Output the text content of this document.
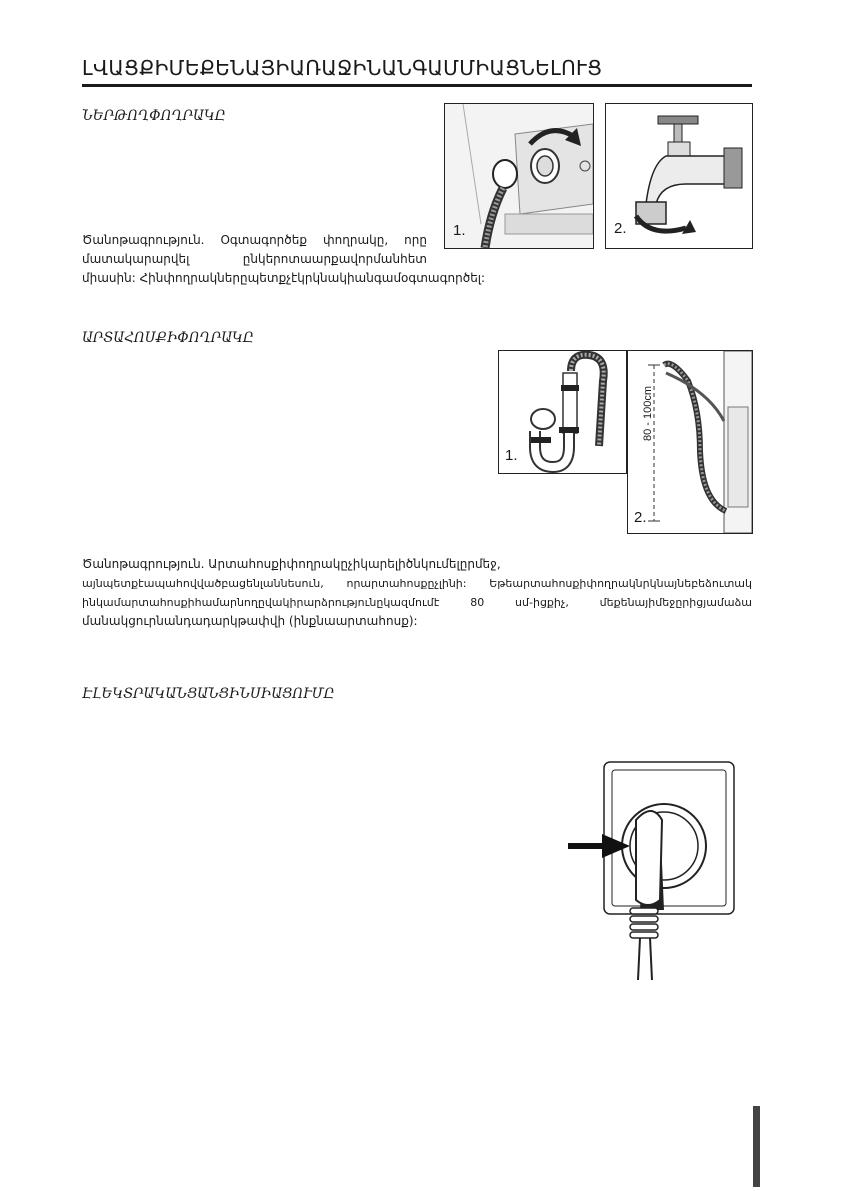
ԼՎԱՑՔԻՄԵՔԵՆԱՅԻԱՌԱՋԻՆԱՆԳԱՄՄԻԱՑՆԵԼՈՒՑ
ՆԵՐԹՈՂՓՈՂՐԱԿԸ
1.	2.

Ծանոթագրություն. Օգտագործեք փողրակը, որը
մատակարարվել ընկերոտաարքավորմանհետ
միասին: Հինփողրակներըպետքչէկրկնակիանգամօգտագործել:

ԱՐՏԱՀՈՍՔԻՓՈՂՐԱԿԸ
1.
80 - 100cm
2.

Ծանոթագրություն. Արտահոսքիփողրակըչիկարելիծնկումելըրմեջ,
այնպետքէապահովվածբացենլաննեսուն, որարտահոսքըչլինի: Եթեարտահոսքիփողրակնրկնայնեբեձուտակ
ինկամարտահոսքիհամարնողըվակիրարձրությունըկազմումէ 80 սմ-իցքիչ, մեքենայիմեջըրիցյամաձա
մանակցուրնանդադարկթափվի (ինքնաարտահոսք):

ԷԼԵԿՏՐԱԿԱՆՑԱՆՑԻՆՍԻԱՑՈՒՄԸ
